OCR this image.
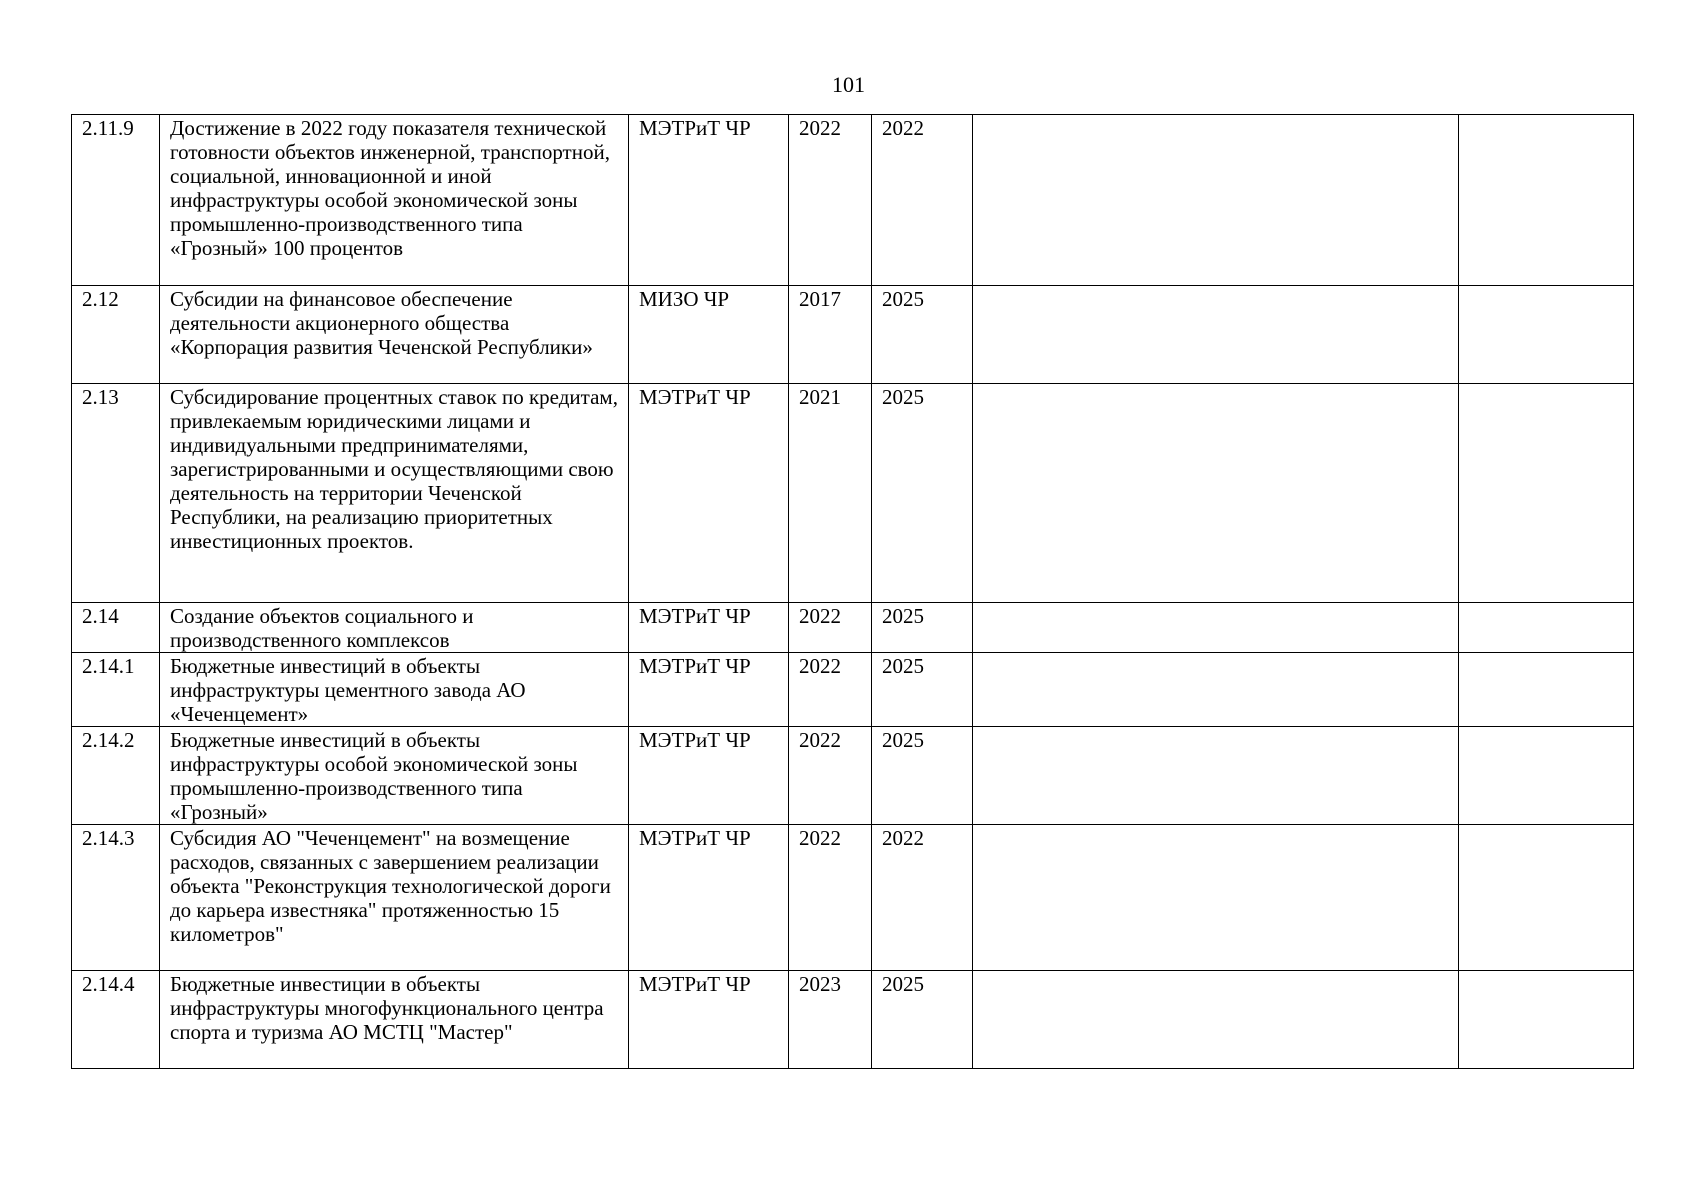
101
2.11.9	Достижение в 2022 году показателя технической готовности объектов инженерной, транспортной, социальной, инновационной и иной инфраструктуры особой экономической зоны промышленно-производственного типа «Грозный» 100 процентов	МЭТРиТ ЧР	2022	2022		
2.12	Субсидии на финансовое обеспечение деятельности акционерного общества «Корпорация развития Чеченской Республики»	МИЗО ЧР	2017	2025		
2.13	Субсидирование процентных ставок по кредитам, привлекаемым юридическими лицами и индивидуальными предпринимателями, зарегистрированными и осуществляющими свою деятельность на территории Чеченской Республики, на реализацию приоритетных инвестиционных проектов.	МЭТРиТ ЧР	2021	2025		
2.14	Создание объектов социального и производственного комплексов	МЭТРиТ ЧР	2022	2025		
2.14.1	Бюджетные инвестиций в объекты инфраструктуры цементного завода АО «Чеченцемент»	МЭТРиТ ЧР	2022	2025		
2.14.2	Бюджетные инвестиций в объекты инфраструктуры особой экономической зоны промышленно-производственного типа «Грозный»	МЭТРиТ ЧР	2022	2025		
2.14.3	Субсидия АО "Чеченцемент" на возмещение расходов, связанных с завершением реализации объекта "Реконструкция технологической дороги до карьера известняка" протяженностью 15 километров"	МЭТРиТ ЧР	2022	2022		
2.14.4	Бюджетные инвестиции в объекты инфраструктуры многофункционального центра спорта и туризма АО МСТЦ "Мастер"	МЭТРиТ ЧР	2023	2025		
